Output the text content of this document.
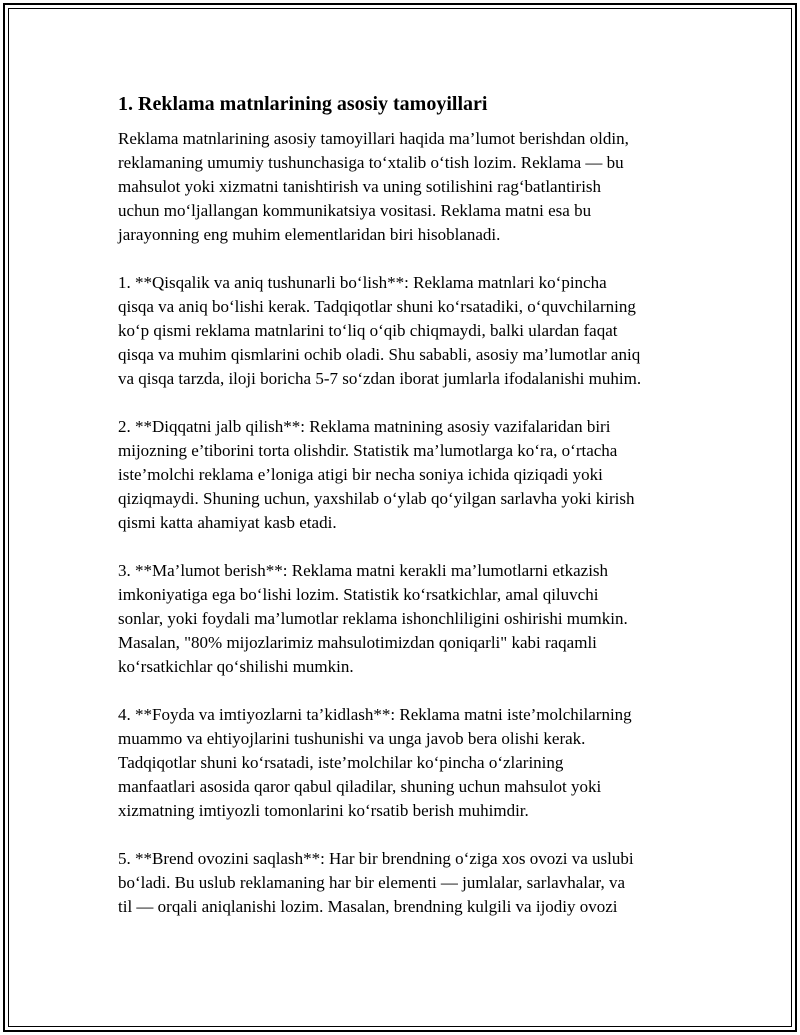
1. Reklama matnlarining asosiy tamoyillari

Reklama matnlarining asosiy tamoyillari haqida ma’lumot berishdan oldin,
reklamaning umumiy tushunchasiga to‘xtalib o‘tish lozim. Reklama — bu
mahsulot yoki xizmatni tanishtirish va uning sotilishini rag‘batlantirish
uchun mo‘ljallangan kommunikatsiya vositasi. Reklama matni esa bu
jarayonning eng muhim elementlaridan biri hisoblanadi.

1. **Qisqalik va aniq tushunarli bo‘lish**: Reklama matnlari ko‘pincha
qisqa va aniq bo‘lishi kerak. Tadqiqotlar shuni ko‘rsatadiki, o‘quvchilarning
ko‘p qismi reklama matnlarini to‘liq o‘qib chiqmaydi, balki ulardan faqat
qisqa va muhim qismlarini ochib oladi. Shu sababli, asosiy ma’lumotlar aniq
va qisqa tarzda, iloji boricha 5-7 so‘zdan iborat jumlarla ifodalanishi muhim.

2. **Diqqatni jalb qilish**: Reklama matnining asosiy vazifalaridan biri
mijozning e’tiborini torta olishdir. Statistik ma’lumotlarga ko‘ra, o‘rtacha
iste’molchi reklama e’loniga atigi bir necha soniya ichida qiziqadi yoki
qiziqmaydi. Shuning uchun, yaxshilab o‘ylab qo‘yilgan sarlavha yoki kirish
qismi katta ahamiyat kasb etadi.

3. **Ma’lumot berish**: Reklama matni kerakli ma’lumotlarni etkazish
imkoniyatiga ega bo‘lishi lozim. Statistik ko‘rsatkichlar, amal qiluvchi
sonlar, yoki foydali ma’lumotlar reklama ishonchliligini oshirishi mumkin.
Masalan, "80% mijozlarimiz mahsulotimizdan qoniqarli" kabi raqamli
ko‘rsatkichlar qo‘shilishi mumkin.

4. **Foyda va imtiyozlarni ta’kidlash**: Reklama matni iste’molchilarning
muammo va ehtiyojlarini tushunishi va unga javob bera olishi kerak.
Tadqiqotlar shuni ko‘rsatadi, iste’molchilar ko‘pincha o‘zlarining
manfaatlari asosida qaror qabul qiladilar, shuning uchun mahsulot yoki
xizmatning imtiyozli tomonlarini ko‘rsatib berish muhimdir.

5. **Brend ovozini saqlash**: Har bir brendning o‘ziga xos ovozi va uslubi
bo‘ladi. Bu uslub reklamaning har bir elementi — jumlalar, sarlavhalar, va
til — orqali aniqlanishi lozim. Masalan, brendning kulgili va ijodiy ovozi
